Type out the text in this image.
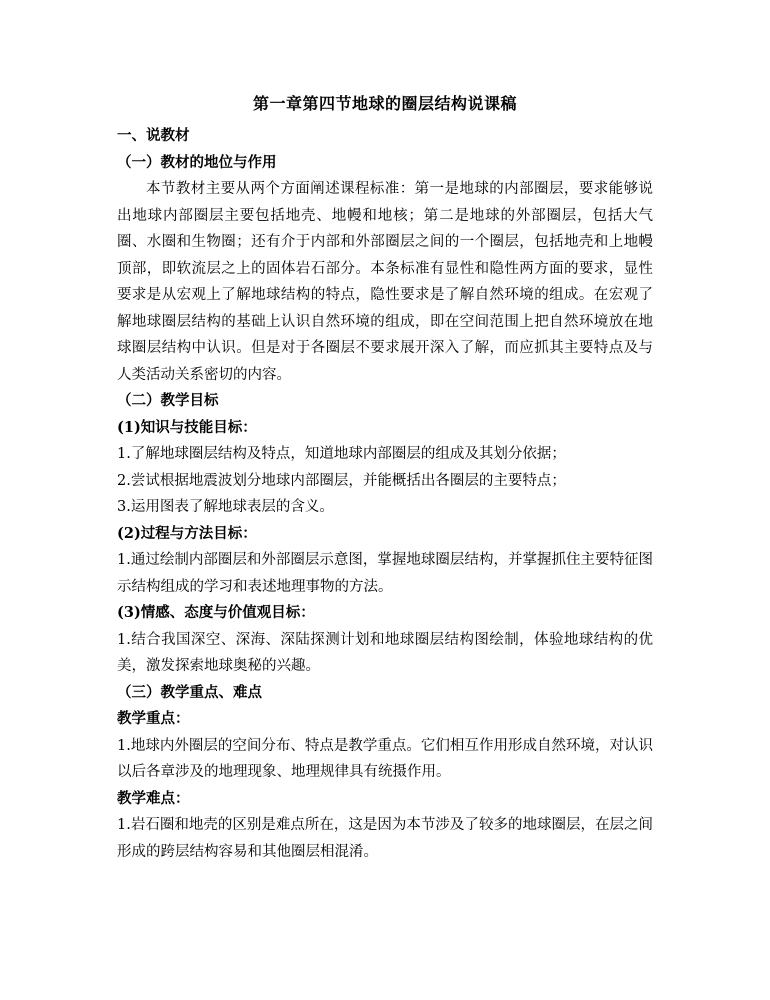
第一章第四节地球的圈层结构说课稿
一、说教材
（一）教材的地位与作用
本节教材主要从两个方面阐述课程标准：第一是地球的内部圈层，要求能够说出地球内部圈层主要包括地壳、地幔和地核；第二是地球的外部圈层，包括大气圈、水圈和生物圈；还有介于内部和外部圈层之间的一个圈层，包括地壳和上地幔顶部，即软流层之上的固体岩石部分。本条标准有显性和隐性两方面的要求，显性要求是从宏观上了解地球结构的特点，隐性要求是了解自然环境的组成。在宏观了解地球圈层结构的基础上认识自然环境的组成，即在空间范围上把自然环境放在地球圈层结构中认识。但是对于各圈层不要求展开深入了解，而应抓其主要特点及与人类活动关系密切的内容。
（二）教学目标
(1)知识与技能目标：
1.了解地球圈层结构及特点，知道地球内部圈层的组成及其划分依据；
2.尝试根据地震波划分地球内部圈层，并能概括出各圈层的主要特点；
3.运用图表了解地球表层的含义。
(2)过程与方法目标：
1.通过绘制内部圈层和外部圈层示意图，掌握地球圈层结构，并掌握抓住主要特征图示结构组成的学习和表述地理事物的方法。
(3)情感、态度与价值观目标：
1.结合我国深空、深海、深陆探测计划和地球圈层结构图绘制，体验地球结构的优美，激发探索地球奥秘的兴趣。
（三）教学重点、难点
教学重点：
1.地球内外圈层的空间分布、特点是教学重点。它们相互作用形成自然环境，对认识以后各章涉及的地理现象、地理规律具有统摄作用。
教学难点：
1.岩石圈和地壳的区别是难点所在，这是因为本节涉及了较多的地球圈层，在层之间形成的跨层结构容易和其他圈层相混淆。
